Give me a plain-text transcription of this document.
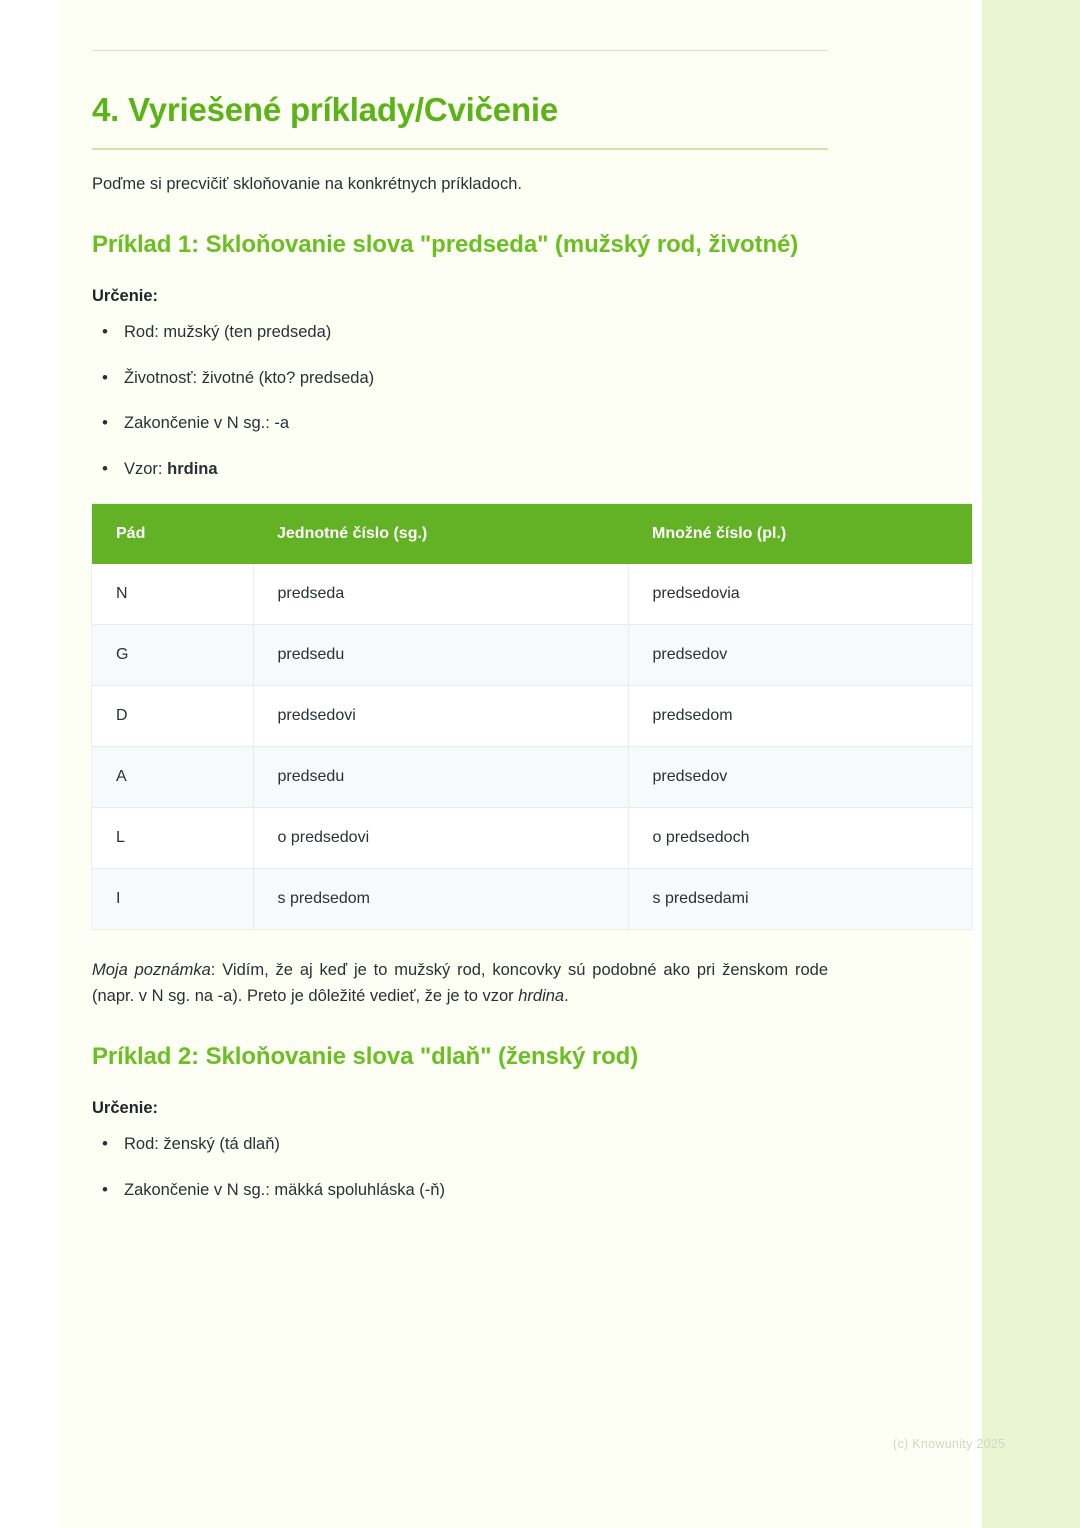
4. Vyriešené príklady/Cvičenie

Poďme si precvičiť skloňovanie na konkrétnych príkladoch.

Príklad 1: Skloňovanie slova "predseda" (mužský rod, životné)
Určenie:
• Rod: mužský (ten predseda)
• Životnosť: životné (kto? predseda)
• Zakončenie v N sg.: -a
• Vzor: hrdina
Pád	Jednotné číslo (sg.)	Množné číslo (pl.)
N	predseda	predsedovia
G	predsedu	predsedov
D	predsedovi	predsedom
A	predsedu	predsedov
L	o predsedovi	o predsedoch
I	s predsedom	s predsedami

Moja poznámka: Vidím, že aj keď je to mužský rod, koncovky sú podobné ako pri ženskom rode (napr. v N sg. na -a). Preto je dôležité vedieť, že je to vzor hrdina.

Príklad 2: Skloňovanie slova "dlaň" (ženský rod)
Určenie:
• Rod: ženský (tá dlaň)
• Zakončenie v N sg.: mäkká spoluhláska (-ň)
(c) Knowunity 2025
